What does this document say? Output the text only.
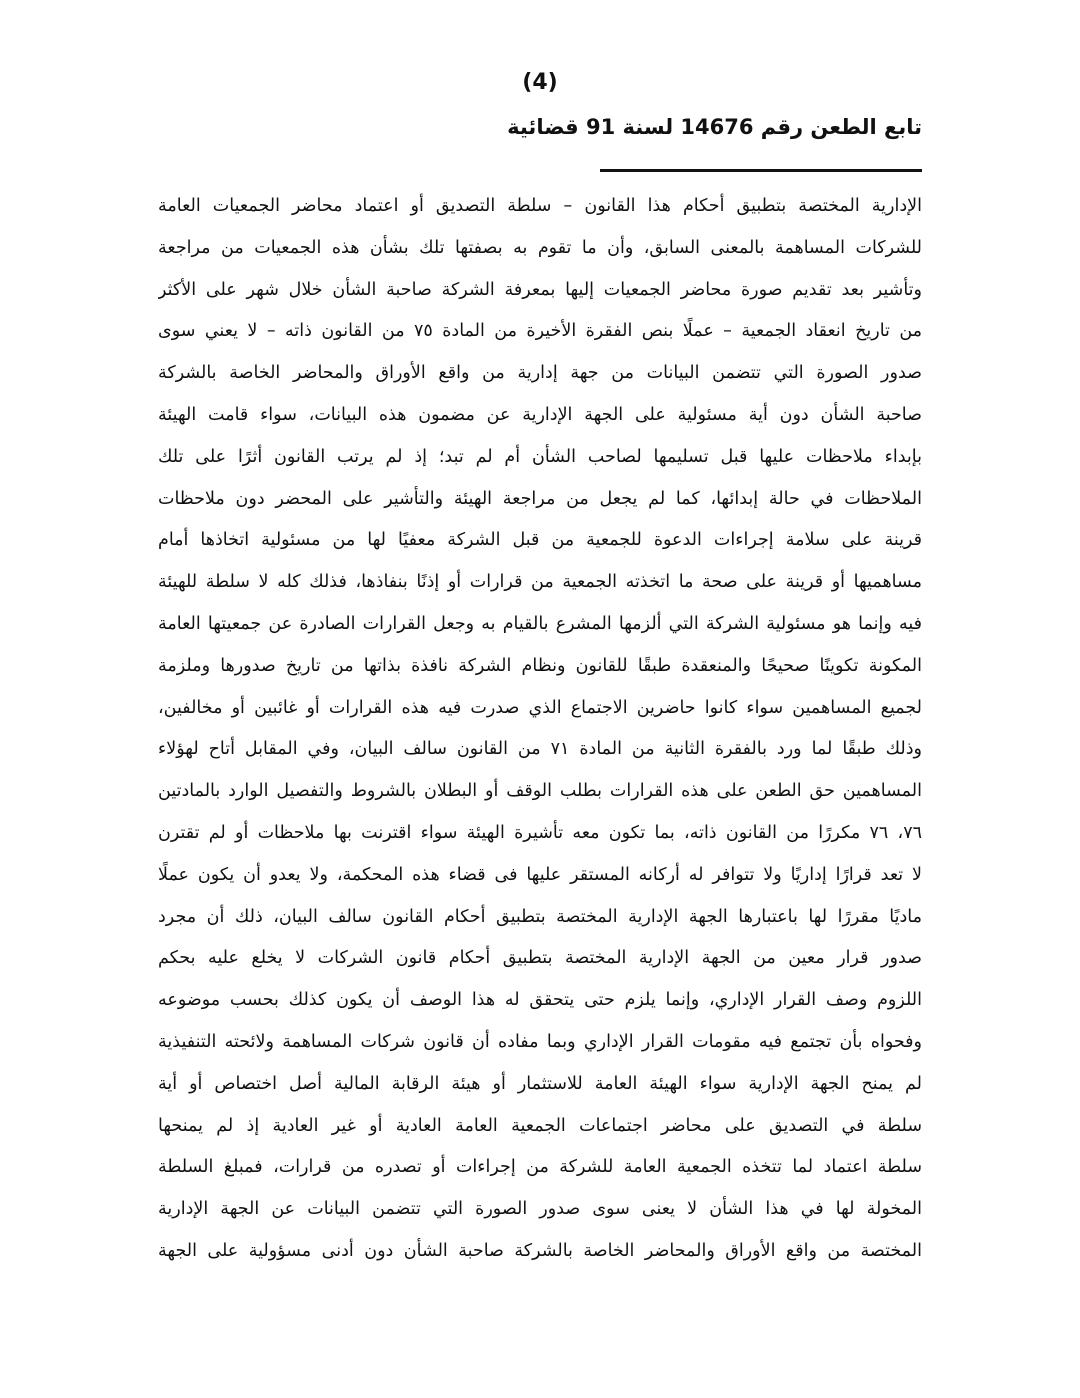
(4)
تابع الطعن رقم 14676 لسنة 91 قضائية
الإدارية المختصة بتطبيق أحكام هذا القانون – سلطة التصديق أو اعتماد محاضر الجمعيات العامة
للشركات المساهمة بالمعنى السابق، وأن ما تقوم به بصفتها تلك بشأن هذه الجمعيات من مراجعة
وتأشير بعد تقديم صورة محاضر الجمعيات إليها بمعرفة الشركة صاحبة الشأن خلال شهر على الأكثر
من تاريخ انعقاد الجمعية – عملًا بنص الفقرة الأخيرة من المادة ٧٥ من القانون ذاته – لا يعني سوى
صدور الصورة التي تتضمن البيانات من جهة إدارية من واقع الأوراق والمحاضر الخاصة بالشركة
صاحبة الشأن دون أية مسئولية على الجهة الإدارية عن مضمون هذه البيانات، سواء قامت الهيئة
بإبداء ملاحظات عليها قبل تسليمها لصاحب الشأن أم لم تبد؛ إذ لم يرتب القانون أثرًا على تلك
الملاحظات في حالة إبدائها، كما لم يجعل من مراجعة الهيئة والتأشير على المحضر دون ملاحظات
قرينة على سلامة إجراءات الدعوة للجمعية من قبل الشركة معفيًا لها من مسئولية اتخاذها أمام
مساهميها أو قرينة على صحة ما اتخذته الجمعية من قرارات أو إذنًا بنفاذها، فذلك كله لا سلطة للهيئة
فيه وإنما هو مسئولية الشركة التي ألزمها المشرع بالقيام به وجعل القرارات الصادرة عن جمعيتها العامة
المكونة تكوينًا صحيحًا والمنعقدة طبقًا للقانون ونظام الشركة نافذة بذاتها من تاريخ صدورها وملزمة
لجميع المساهمين سواء كانوا حاضرين الاجتماع الذي صدرت فيه هذه القرارات أو غائبين أو مخالفين،
وذلك طبقًا لما ورد بالفقرة الثانية من المادة ٧١ من القانون سالف البيان، وفي المقابل أتاح لهؤلاء
المساهمين حق الطعن على هذه القرارات بطلب الوقف أو البطلان بالشروط والتفصيل الوارد بالمادتين
٧٦، ٧٦ مكررًا من القانون ذاته، بما تكون معه تأشيرة الهيئة سواء اقترنت بها ملاحظات أو لم تقترن
لا تعد قرارًا إداريًا ولا تتوافر له أركانه المستقر عليها فى قضاء هذه المحكمة، ولا يعدو أن يكون عملًا
ماديًا مقررًا لها باعتبارها الجهة الإدارية المختصة بتطبيق أحكام القانون سالف البيان، ذلك أن مجرد
صدور قرار معين من الجهة الإدارية المختصة بتطبيق أحكام قانون الشركات لا يخلع عليه بحكم
اللزوم وصف القرار الإداري، وإنما يلزم حتى يتحقق له هذا الوصف أن يكون كذلك بحسب موضوعه
وفحواه بأن تجتمع فيه مقومات القرار الإداري وبما مفاده أن قانون شركات المساهمة ولائحته التنفيذية
لم يمنح الجهة الإدارية سواء الهيئة العامة للاستثمار أو هيئة الرقابة المالية أصل اختصاص أو أية
سلطة في التصديق على محاضر اجتماعات الجمعية العامة العادية أو غير العادية إذ لم يمنحها
سلطة اعتماد لما تتخذه الجمعية العامة للشركة من إجراءات أو تصدره من قرارات، فمبلغ السلطة
المخولة لها في هذا الشأن لا يعنى سوى صدور الصورة التي تتضمن البيانات عن الجهة الإدارية
المختصة من واقع الأوراق والمحاضر الخاصة بالشركة صاحبة الشأن دون أدنى مسؤولية على الجهة
